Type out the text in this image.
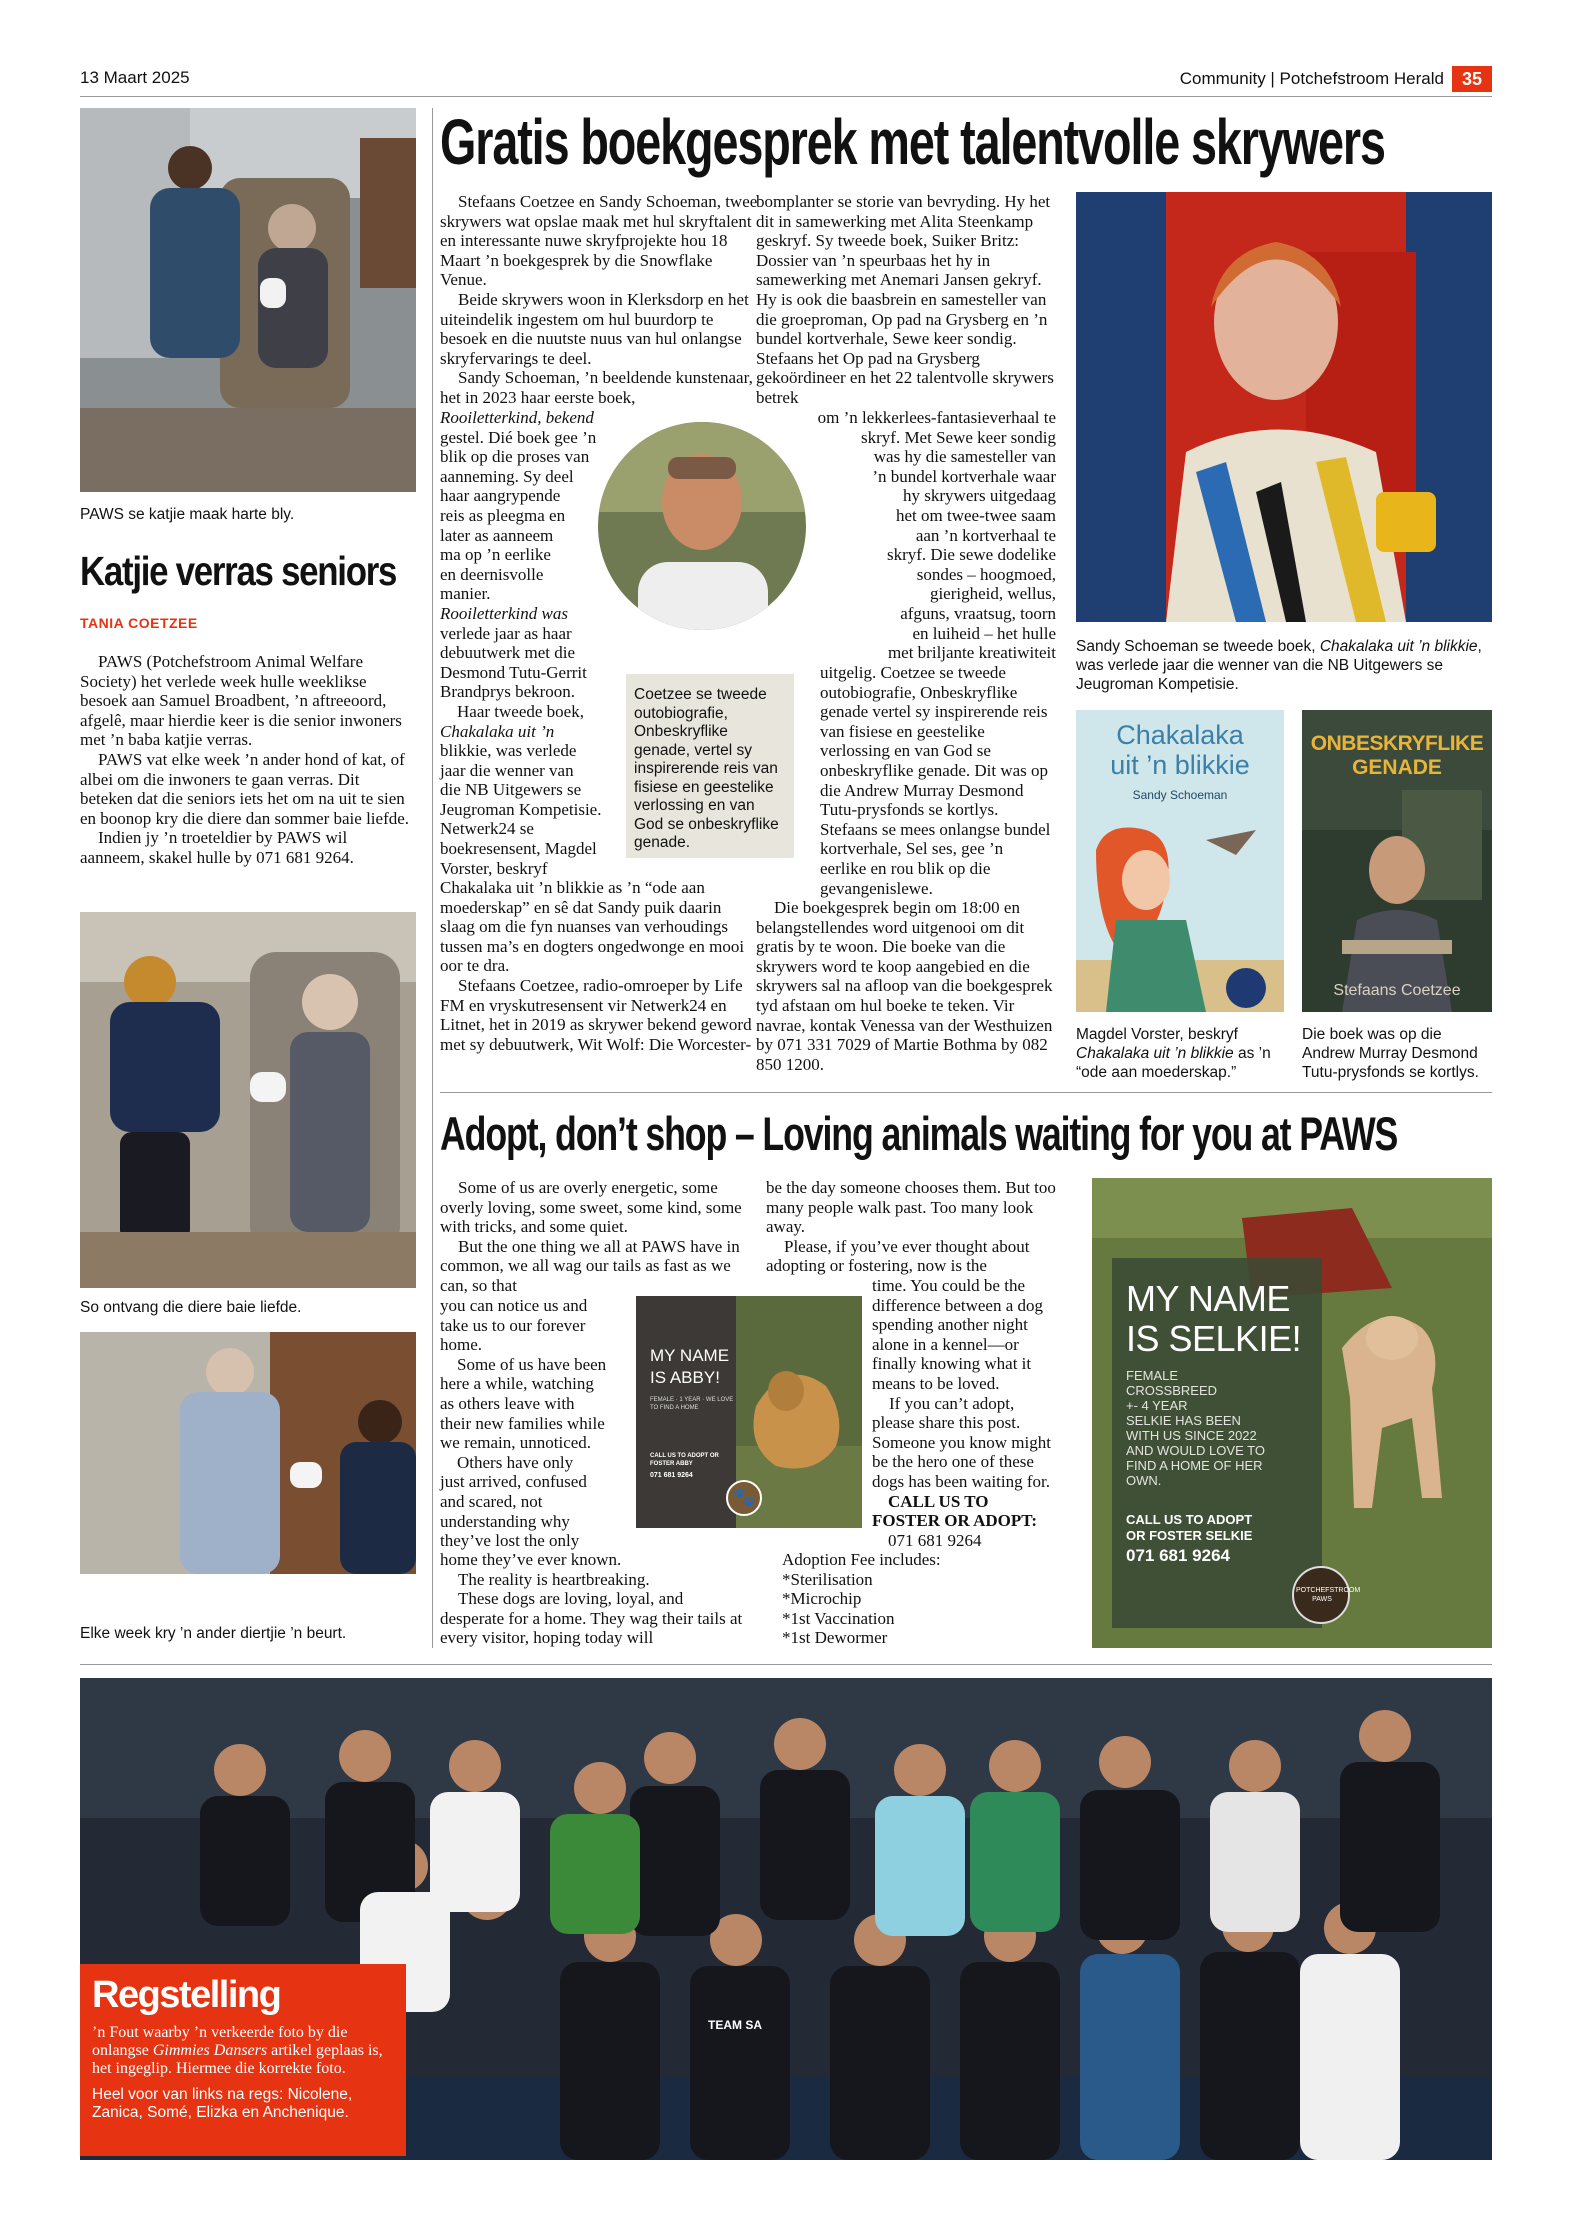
13 Maart 2025	Community | Potchefstroom Herald	35
PAWS se katjie maak harte bly.
Katjie verras seniors
TANIA COETZEE

PAWS (Potchefstroom Animal Welfare Society) het verlede week hulle weeklikse besoek aan Samuel Broadbent, ’n aftreeoord, afgelê, maar hierdie keer is die senior inwoners met ’n baba katjie verras.

PAWS vat elke week ’n ander hond of kat, of albei om die inwoners te gaan verras. Dit beteken dat die seniors iets het om na uit te sien en boonop kry die diere dan sommer baie liefde.

Indien jy ’n troeteldier by PAWS wil aanneem, skakel hulle by 071 681 9264.

So ontvang die diere baie liefde.
Elke week kry ’n ander diertjie ’n beurt.
Gratis boekgesprek met talentvolle skrywers

Stefaans Coetzee en Sandy Schoeman, twee skrywers wat opslae maak met hul skryftalent en interessante nuwe skryfprojekte hou 18 Maart ’n boekgesprek by die Snowflake Venue.

Beide skrywers woon in Klerksdorp en het uiteindelik ingestem om hul buurdorp te besoek en die nuutste nuus van hul onlangse skryfervarings te deel.

Sandy Schoeman, ’n beeldende kunstenaar, het in 2023 haar eerste boek,

Rooiletterkind, bekend
gestel. Dié boek gee ’n
blik op die proses van
aanneming. Sy deel
haar aangrypende
reis as pleegma en
later as aanneem
ma op ’n eerlike
en deernisvolle
manier.
Rooiletterkind was
verlede jaar as haar
debuutwerk met die
Desmond Tutu-Gerrit
Brandprys bekroon.
Haar tweede boek,
Chakalaka uit ’n
blikkie, was verlede
jaar die wenner van
die NB Uitgewers se
Jeugroman Kompetisie.
Netwerk24 se
boekresensent, Magdel
Vorster, beskryf

Chakalaka uit ’n blikkie as ’n “ode aan moederskap” en sê dat Sandy puik daarin slaag om die fyn nuanses van verhoudings tussen ma’s en dogters ongedwonge en mooi oor te dra.

Stefaans Coetzee, radio-omroeper by Life FM en vryskutresensent vir Netwerk24 en Litnet, het in 2019 as skrywer bekend geword met sy debuutwerk, Wit Wolf: Die Worcester-

bomplanter se storie van bevryding. Hy het dit in samewerking met Alita Steenkamp geskryf. Sy tweede boek, Suiker Britz: Dossier van ’n speurbaas het hy in samewerking met Anemari Jansen gekryf. Hy is ook die baasbrein en samesteller van die groeproman, Op pad na Grysberg en ’n bundel kortverhale, Sewe keer sondig. Stefaans het Op pad na Grysberg gekoördineer en het 22 talentvolle skrywers betrek

om ’n lekkerlees-fantasieverhaal te
skryf. Met Sewe keer sondig
was hy die samesteller van
’n bundel kortverhale waar
hy skrywers uitgedaag
het om twee-twee saam
aan ’n kortverhaal te
skryf. Die sewe dodelike
sondes – hoogmoed,
gierigheid, wellus,
afguns, vraatsug, toorn
en luiheid – het hulle
met briljante kreatiwiteit

uitgelig. Coetzee se tweede outobiografie, Onbeskryflike genade vertel sy inspirerende reis van fisiese en geestelike verlossing en van God se onbeskryflike genade. Dit was op die Andrew Murray Desmond Tutu-prysfonds se kortlys. Stefaans se mees onlangse bundel kortverhale, Sel ses, gee ’n eerlike en rou blik op die gevangenislewe.

Die boekgesprek begin om 18:00 en belangstellendes word uitgenooi om dit gratis by te woon. Die boeke van die skrywers word te koop aangebied en die skrywers sal na afloop van die boekgesprek tyd afstaan om hul boeke te teken. Vir navrae, kontak Venessa van der Westhuizen by 071 331 7029 of Martie Bothma by 082 850 1200.

Coetzee se tweede outobiografie, Onbeskryflike genade, vertel sy inspirerende reis van fisiese en geestelike verlossing en van God se onbeskryflike genade.
Sandy Schoeman se tweede boek, Chakalaka uit ’n blikkie, was verlede jaar die wenner van die NB Uitgewers se Jeugroman Kompetisie.
Chakalaka
uit ’n blikkie
Sandy Schoeman
Magdel Vorster, beskryf Chakalaka uit ’n blikkie as ’n “ode aan moederskap.”
ONBESKRYFLIKE
GENADE
Stefaans Coetzee
Die boek was op die Andrew Murray Desmond Tutu-prysfonds se kortlys.
Adopt, don’t shop – Loving animals waiting for you at PAWS

Some of us are overly energetic, some overly loving, some sweet, some kind, some with tricks, and some quiet.

But the one thing we all at PAWS have in common, we all wag our tails as fast as we can, so that

you can notice us and
take us to our forever
home.
Some of us have been
here a while, watching
as others leave with
their new families while
we remain, unnoticed.
Others have only
just arrived, confused
and scared, not
understanding why
they’ve lost the only

home they’ve ever known.

The reality is heartbreaking.

These dogs are loving, loyal, and desperate for a home. They wag their tails at every visitor, hoping today will

MY NAME
IS ABBY!
FEMALE · 1 YEAR · WE LOVE TO FIND A HOME
CALL US TO ADOPT OR FOSTER ABBY
071 681 9264
🐾

be the day someone chooses them. But too many people walk past. Too many look away.

Please, if you’ve ever thought about adopting or fostering, now is the

time. You could be the
difference between a dog
spending another night
alone in a kennel—or
finally knowing what it
means to be loved.
If you can’t adopt,
please share this post.
Someone you know might
be the hero one of these
dogs has been waiting for.
CALL US TO
FOSTER OR ADOPT:
071 681 9264
Adoption Fee includes:
*Sterilisation
*Microchip
*1st Vaccination
*1st Dewormer
MY NAME
IS SELKIE!
FEMALE
CROSSBREED
+- 4 YEAR
SELKIE HAS BEEN
WITH US SINCE 2022
AND WOULD LOVE TO
FIND A HOME OF HER
OWN.
CALL US TO ADOPT
OR FOSTER SELKIE
071 681 9264
POTCHEFSTROOM PAWS
TEAM SA
Regstelling
’n Fout waarby ’n verkeerde foto by die onlangse Gimmies Dansers artikel geplaas is, het ingeglip. Hiermee die korrekte foto.
Heel voor van links na regs: Nicolene, Zanica, Somé, Elizka en Anchenique.
